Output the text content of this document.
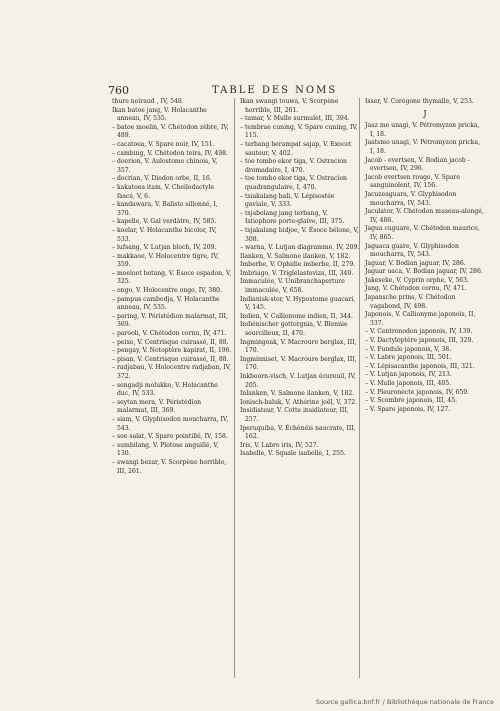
760	TABLE DES NOMS
thure noiraud , IV, 548.
Ikan batoe jang, V. Holacanthe anneau, IV, 535.
– batoe moelin, V. Chétodon zèbre, IV, 489.
– cacatoea, V. Spare noir, IV, 151.
– cambing, V. Chétodon teira, IV, 498.
– doerion, V. Aulostome chinois, V, 357.
– docrian, V. Diodon orbe, II, 16.
– kakatoea itam, V. Cheilodactyle fascé, V, 6.
– kandawara, V. Baliste sillonné, I, 370.
– kapelle, V. Gal verdâtre, IV, 585.
– koelar, V. Holacanthe bicolor, IV, 533.
– lufsang, V. Lutjan bloch, IV, 209.
– makkaoe, V. Holocentre tigre, IV, 359.
– moeloet betang, V. Ésoce espadon, V, 325.
– ongo, V. Holocentre ongo, IV, 380.
– pampus cambodja, V. Holacanthe anneau, IV, 535.
– paring, V. Péristédion malarmat, III, 369.
– parooli, V. Chétodon cornu, IV, 471.
– peixe, V. Centrisque cuirassé, II, 88.
– pengay, V. Notoptère kapirat, II, 196.
– pisan, V. Centrisque cuirassé, II, 88.
– radjabau, V. Holocentre radjaban, IV, 372.
– sengadji molukko, V. Holacanthe duc, IV, 533.
– seytan mera, V. Péristédion malarmat, III, 369.
– siam, V. Glyphisodon moucharra, IV, 543.
– soe salat, V. Spare pointillé, IV, 158.
– sumbilang, V. Plotose anguillé, V, 130.
– swangi bezar, V. Scorpène horrible, III, 261.
Ikan swangi touwa, V. Scorpène horrible, III, 261.
– tamar, V. Mulle surmulet, III, 394.
– tembrae cuning, V. Spare cuning, IV, 115.
– terbang berampat sajap, V. Exocet sauteur, V, 402.
– toe tombo ekor tiga, V. Ostracion dromadaire, I, 470.
– toe tombo ekor tiga, V. Ostracion quadrangulaire, I, 470.
– tsiakalang bali, V. Lépisostée gaviale, V, 333.
– tsjabelang jang terbang, V. Istiophore porte-glaive, III, 375.
– tsjakalang bidjoe, V. Ésoce bélone, V, 308.
– warna, V. Lutjan diagramme, IV, 209.
Ilanken, V. Salmone ilanken, V, 182.
Imberbe, V. Ophidie imberbe, II, 279.
Imbriago, V. Triglelastoviza, III, 349.
Immaculée, V. Unibranchaperture immaculée, V, 658.
Indianisk-stor, V. Hypostome guacari, V, 145.
Indien, V. Callionome indien, II, 344.
Indiénischer gottorgnia, V. Blennie sourcilleux, II, 470.
Ingmingoak, V. Macroure berglax, III, 170.
Ingminniset, V. Macroure berglax, III, 170.
Inkboorn-visch, V. Lutjan écureuil, IV, 205.
Inlanken, V. Salmone ilanken, V, 182.
Ionisch-baluk, V. Athérine joël, V, 372.
Insidiateur, V. Cotte insidiateur, III, 257.
Iperuquiba, V. Échénéis naucrate, III, 162.
Iris, V. Labre iris, IV, 527.
Isabelle, V. Squale isabelle, I, 255.
Isser, V. Corégone thymalle, V, 253.
J
Jaaz me unagi, V. Pétromyzon pricka, I, 18.
Jaatsmo unagi, V. Pétromyzon pricka, I, 18.
Jacob - evertsen, V. Bodian jacob - evertsen, IV, 296.
Jacob evertsen rouge, V. Spare sanguinolent, IV, 156.
Jacuzeaguara, V. Glyphisodon moucharra, IV, 543.
Jaculator, V. Chétodon museau-alongé, IV, 486.
Jagua cuguare, V. Chétodon maurice, IV, 865.
Jaguaca guare, V. Glyphisodon moucharra, IV, 543.
Jaguar, V. Bodian jaguar, IV, 286.
Jaguar uaca, V. Bodian jaguar, IV, 286.
Jakeseke, V. Cyprin orphe, V, 563.
Jang, V. Chétodon cornu, IV, 471.
Japansche prins, V. Chétodon vagabond, IV, 498.
Japonois, V. Callionyme japonois, II, 337.
– V. Centronodon japonois, IV, 139.
– V. Dactyloptère japonois, III, 329.
– V. Fundule japonois, V, 38.
– V. Labre japonois, III, 501.
– V. Lépisacanthe japonois, III, 321.
– V. Lutjan japonois, IV, 213.
– V. Mulle japonois, III, 405.
– V. Pleuronecte japonois, IV, 659.
– V. Scombre japonois, III, 45.
– V. Spare japonois, IV, 127.
Source gallica.bnf.fr / Bibliothèque nationale de France
